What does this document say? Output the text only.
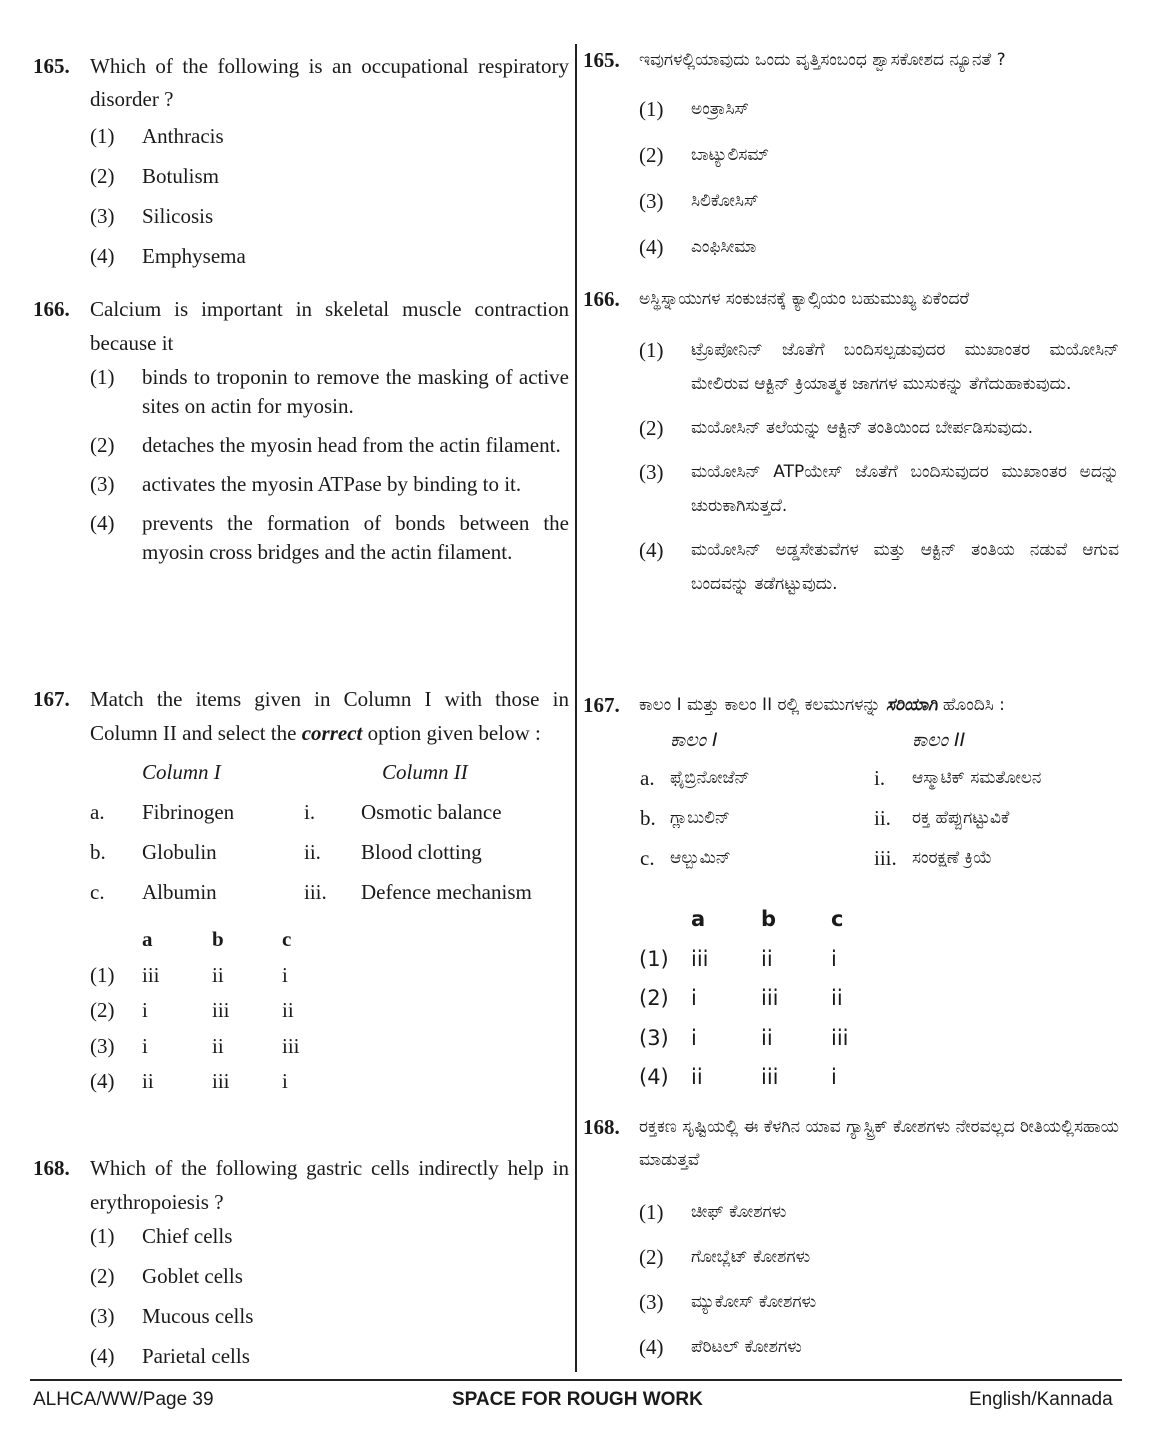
165. Which of the following is an occupational respiratory disorder ?
(1)	Anthracis
(2)	Botulism
(3)	Silicosis
(4)	Emphysema
166. Calcium is important in skeletal muscle contraction because it
(1)	binds to troponin to remove the masking of active sites on actin for myosin.
(2)	detaches the myosin head from the actin filament.
(3)	activates the myosin ATPase by binding to it.
(4)	prevents the formation of bonds between the myosin cross bridges and the actin filament.
167. Match the items given in Column I with those in Column II and select the correct option given below :
Column I	Column II
a.	Fibrinogen	i.	Osmotic balance
b.	Globulin	ii.	Blood clotting
c.	Albumin	iii.	Defence mechanism
a	b	c
(1)	iii	ii	i
(2)	i	iii	ii
(3)	i	ii	iii
(4)	ii	iii	i
168. Which of the following gastric cells indirectly help in erythropoiesis ?
(1)	Chief cells
(2)	Goblet cells
(3)	Mucous cells
(4)	Parietal cells
165.	ಇವುಗಳಲ್ಲಿಯಾವುದು ಒಂದು ವೃತ್ತಿಸಂಬಂಧ ಶ್ವಾಸಕೋಶದ ನ್ಯೂನತೆ ?
(1)	ಅಂತ್ರಾಸಿಸ್
(2)	ಬಾಟ್ಯುಲಿಸಮ್
(3)	ಸಿಲಿಕೋಸಿಸ್
(4)	ಎಂಫಿಸೀಮಾ
166.	ಅಸ್ಥಿಸ್ನಾಯುಗಳ ಸಂಕುಚನಕ್ಕೆ ಕ್ಯಾಲ್ಸಿಯಂ ಬಹುಮುಖ್ಯ ಏಕೆಂದರೆ
(1)	ಟ್ರೊಪೋನಿನ್ ಜೊತೆಗೆ ಬಂದಿಸಲ್ಪಡುವುದರ ಮುಖಾಂತರ ಮಯೋಸಿನ್ ಮೇಲಿರುವ ಆಕ್ಟಿನ್ ಕ್ರಿಯಾತ್ಮಕ ಜಾಗಗಳ ಮುಸುಕನ್ನು ತೆಗೆದುಹಾಕುವುದು.
(2)	ಮಯೋಸಿನ್ ತಲೆಯನ್ನು ಆಕ್ಟಿನ್ ತಂತಿಯಿಂದ ಬೇರ್ಪಡಿಸುವುದು.
(3)	ಮಯೋಸಿನ್ ATPಯೇಸ್ ಜೊತೆಗೆ ಬಂದಿಸುವುದರ ಮುಖಾಂತರ ಅದನ್ನು ಚುರುಕಾಗಿಸುತ್ತದೆ.
(4)	ಮಯೋಸಿನ್ ಅಡ್ಡಸೇತುವೆಗಳ ಮತ್ತು ಆಕ್ಟಿನ್ ತಂತಿಯ ನಡುವೆ ಆಗುವ ಬಂದವನ್ನು ತಡೆಗಟ್ಟುವುದು.
167.	ಕಾಲಂ I ಮತ್ತು ಕಾಲಂ II ರಲ್ಲಿ ಕಲಮುಗಳನ್ನು ಸರಿಯಾಗಿ ಹೊಂದಿಸಿ :
ಕಾಲಂ I	ಕಾಲಂ II
a. ಫೈಬ್ರಿನೋಜೆನ್	i.	ಆಸ್ಮಾಟಿಕ್ ಸಮತೋಲನ
b. ಗ್ಲಾಬುಲಿನ್	ii.	ರಕ್ತ ಹೆಪ್ಪುಗಟ್ಟುವಿಕೆ
c. ಆಲ್ಬುಮಿನ್	iii. ಸಂರಕ್ಷಣೆ ಕ್ರಿಯೆ
a	b	c
(1)	iii	ii	i
(2)	i	iii	ii
(3)	i	ii	iii
(4)	ii	iii	i
168.	ರಕ್ತಕಣ ಸೃಷ್ಟಿಯಲ್ಲಿ ಈ ಕೆಳಗಿನ ಯಾವ ಗ್ಯಾಸ್ಟ್ರಿಕ್ ಕೋಶಗಳು ನೇರವಲ್ಲದ ರೀತಿಯಲ್ಲಿಸಹಾಯ ಮಾಡುತ್ತವೆ
(1)	ಚೀಫ್ ಕೋಶಗಳು
(2)	ಗೋಬ್ಲೆಟ್ ಕೋಶಗಳು
(3)	ಮ್ಯುಕೋಸ್ ಕೋಶಗಳು
(4)	ಪೆರಿಟಲ್ ಕೋಶಗಳು
ALHCA/WW/Page 39	SPACE FOR ROUGH WORK	English/Kannada
